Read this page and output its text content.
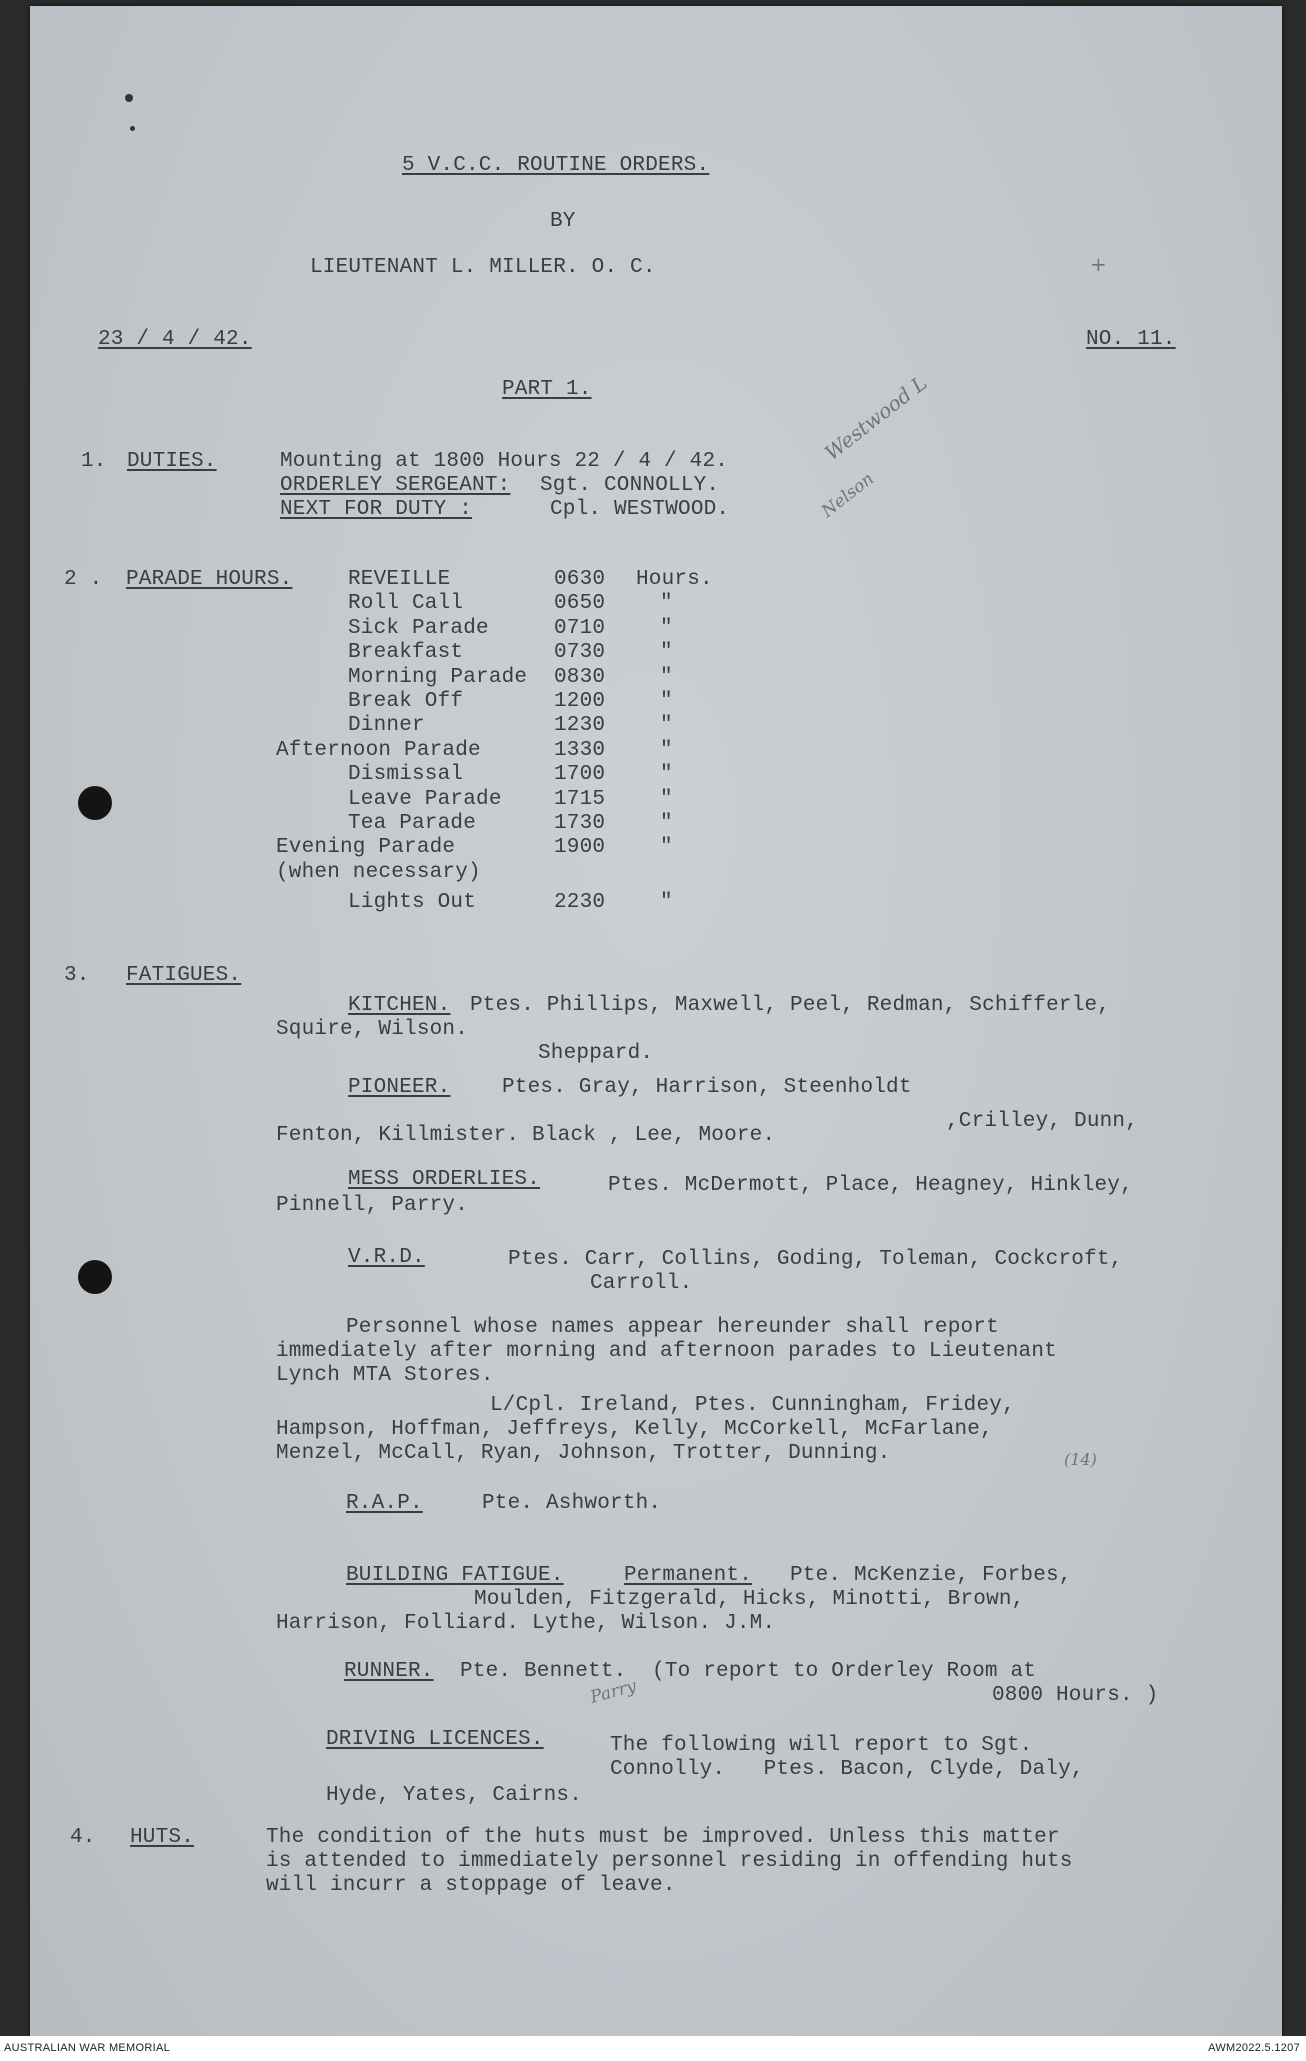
5 V.C.C. ROUTINE ORDERS.
BY
LIEUTENANT L. MILLER. O. C.	+
23 / 4 / 42.	NO. 11.
PART 1.
1. DUTIES.	Mounting at 1800 Hours 22 / 4 / 42.
ORDERLEY SERGEANT: Sgt. CONNOLLY.
NEXT FOR DUTY :	Cpl. WESTWOOD.
Westwood L
Nelson
2 . PARADE HOURS.	REVEILLE	0630 Hours.
Roll Call	0650	"
Sick Parade	0710	"
Breakfast	0730	"
Morning Parade 0830	"
Break Off	1200	"
Dinner	1230	"
Afternoon Parade	1330	"
Dismissal	1700	"
Leave Parade 1715	"
Tea Parade	1730	"
Evening Parade	1900	"
(when necessary)
Lights Out	2230	"
3. FATIGUES.
KITCHEN. Ptes. Phillips, Maxwell, Peel, Redman, Schifferle,
Squire, Wilson.
Sheppard.
PIONEER. Ptes. Gray, Harrison, Steenholdt
,Crilley, Dunn,
Fenton, Killmister. Black , Lee, Moore.
MESS ORDERLIES.	Ptes. McDermott, Place, Heagney, Hinkley,
Pinnell, Parry.
V.R.D.	Ptes. Carr, Collins, Goding, Toleman, Cockcroft,
Carroll.
Personnel whose names appear hereunder shall report
immediately after morning and afternoon parades to Lieutenant
Lynch MTA Stores.
L/Cpl. Ireland, Ptes. Cunningham, Fridey,
Hampson, Hoffman, Jeffreys, Kelly, McCorkell, McFarlane,
Menzel, McCall, Ryan, Johnson, Trotter, Dunning.	(14)
R.A.P.	Pte. Ashworth.
BUILDING FATIGUE.	Permanent. Pte. McKenzie, Forbes,
Moulden, Fitzgerald, Hicks, Minotti, Brown,
Harrison, Folliard. Lythe, Wilson. J.M.
RUNNER. Pte. Bennett.  (To report to Orderley Room at
0800 Hours. )
Parry
DRIVING LICENCES.	The following will report to Sgt.
Connolly.   Ptes. Bacon, Clyde, Daly,
Hyde, Yates, Cairns.
4. HUTS.	The condition of the huts must be improved. Unless this matter
is attended to immediately personnel residing in offending huts
will incurr a stoppage of leave.
AUSTRALIAN WAR MEMORIAL	AWM2022.5.1207
